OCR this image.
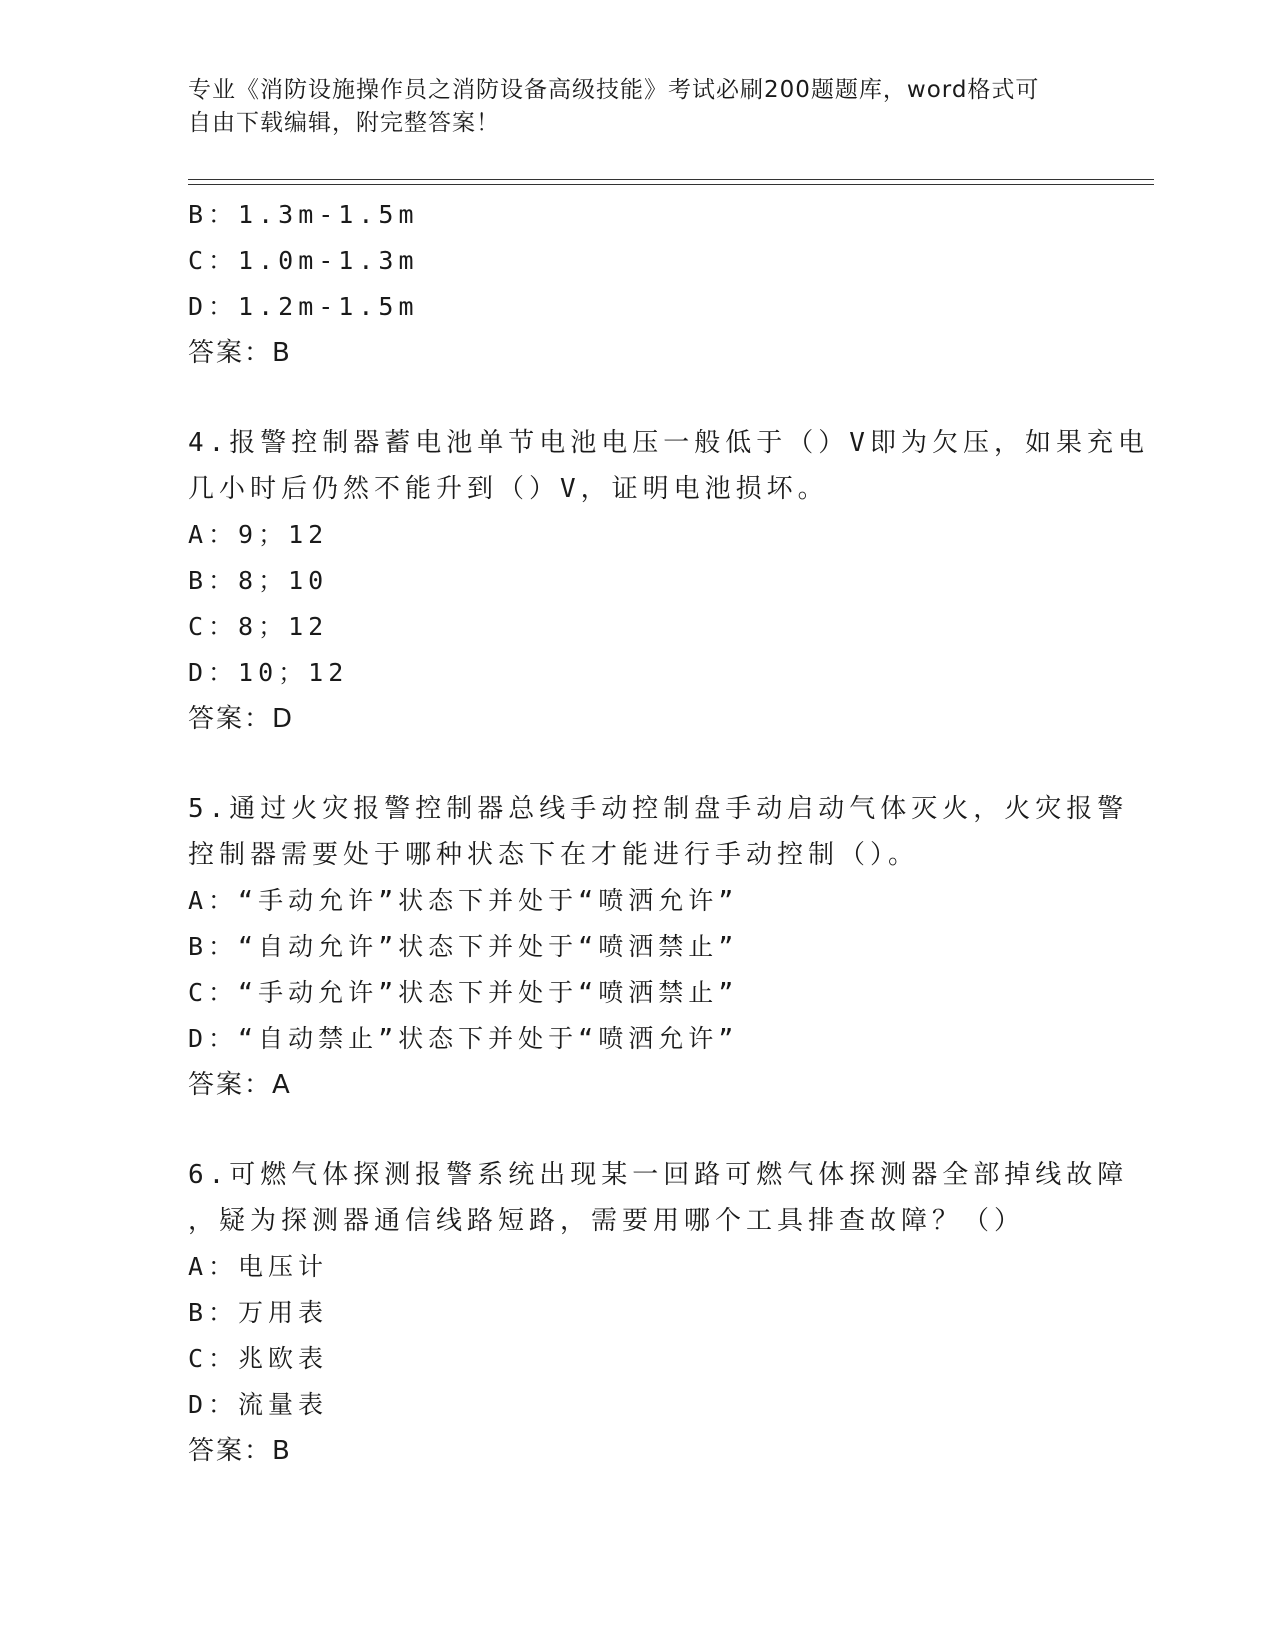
专业《消防设施操作员之消防设备高级技能》考试必刷200题题库，word格式可
自由下载编辑，附完整答案！
B：1.3m-1.5m
C：1.0m-1.3m
D：1.2m-1.5m
答案：B
4.报警控制器蓄电池单节电池电压一般低于（）V即为欠压，如果充电
几小时后仍然不能升到（）V，证明电池损坏。
A：9；12
B：8；10
C：8；12
D：10；12
答案：D
5.通过火灾报警控制器总线手动控制盘手动启动气体灭火，火灾报警
控制器需要处于哪种状态下在才能进行手动控制（）。
A：“手动允许”状态下并处于“喷洒允许”
B：“自动允许”状态下并处于“喷洒禁止”
C：“手动允许”状态下并处于“喷洒禁止”
D：“自动禁止”状态下并处于“喷洒允许”
答案：A
6.可燃气体探测报警系统出现某一回路可燃气体探测器全部掉线故障
，疑为探测器通信线路短路，需要用哪个工具排查故障？（）
A：电压计
B：万用表
C：兆欧表
D：流量表
答案：B
